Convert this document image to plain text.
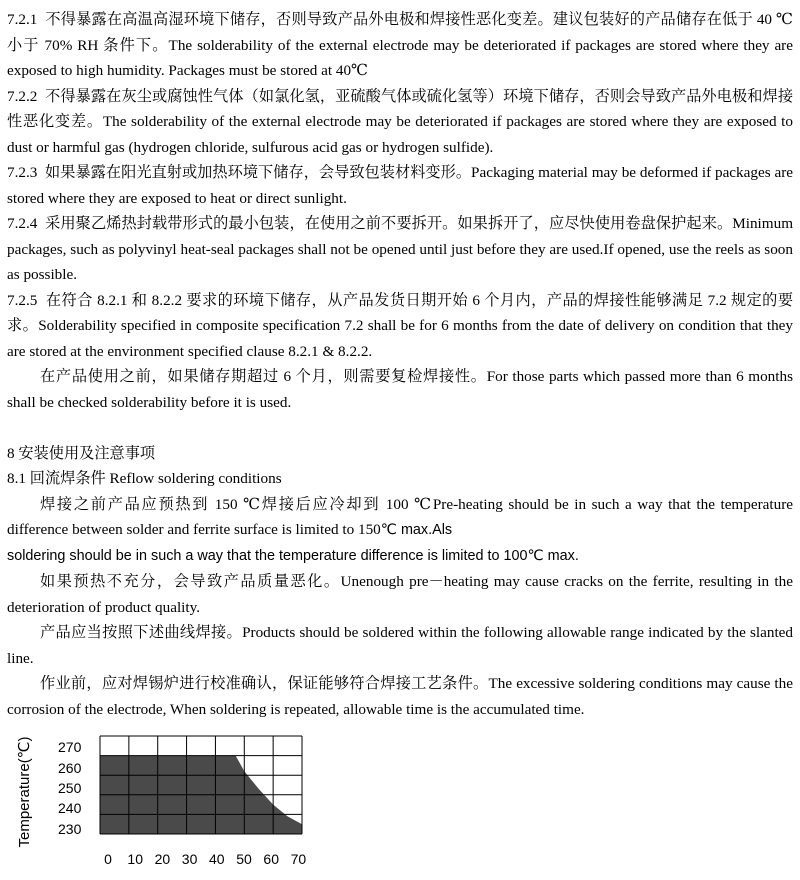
7.2.1 不得暴露在高温高湿环境下储存，否则导致产品外电极和焊接性恶化变差。建议包装好的产品储存在低于 40 ℃小于 70% RH 条件下。The solderability of the external electrode may be deteriorated if packages are stored where they are exposed to high humidity. Packages must be stored at 40℃

7.2.2 不得暴露在灰尘或腐蚀性气体（如氯化氢，亚硫酸气体或硫化氢等）环境下储存，否则会导致产品外电极和焊接性恶化变差。The solderability of the external electrode may be deteriorated if packages are stored where they are exposed to dust or harmful gas (hydrogen chloride, sulfurous acid gas or hydrogen sulfide).

7.2.3 如果暴露在阳光直射或加热环境下储存，会导致包装材料变形。Packaging material may be deformed if packages are stored where they are exposed to heat or direct sunlight.

7.2.4 采用聚乙烯热封载带形式的最小包装，在使用之前不要拆开。如果拆开了，应尽快使用卷盘保护起来。Minimum packages, such as polyvinyl heat-seal packages shall not be opened until just before they are used.If opened, use the reels as soon as possible.

7.2.5 在符合 8.2.1 和 8.2.2 要求的环境下储存，从产品发货日期开始 6 个月内，产品的焊接性能够满足 7.2 规定的要求。Solderability specified in composite specification 7.2 shall be for 6 months from the date of delivery on condition that they are stored at the environment specified clause 8.2.1 & 8.2.2.

在产品使用之前，如果储存期超过 6 个月，则需要复检焊接性。For those parts which passed more than 6 months shall be checked solderability before it is used.

8 安装使用及注意事项

8.1 回流焊条件 Reflow soldering conditions

焊接之前产品应预热到 150 ℃焊接后应冷却到 100 ℃Pre-heating should be in such a way that the temperature difference between solder and ferrite surface is limited to 150℃ max.Als

soldering should be in such a way that the temperature difference is limited to 100℃ max.

如果预热不充分，会导致产品质量恶化。Unenough pre－heating may cause cracks on the ferrite, resulting in the deterioration of product quality.

产品应当按照下述曲线焊接。Products should be soldered within the following allowable range indicated by the slanted line.

作业前，应对焊锡炉进行校准确认，保证能够符合焊接工艺条件。The excessive soldering conditions may cause the corrosion of the electrode, When soldering is repeated, allowable time is the accumulated time.

Temperature(℃) 270
260
250
240
230
0 10 20 30 40 50 60 70
